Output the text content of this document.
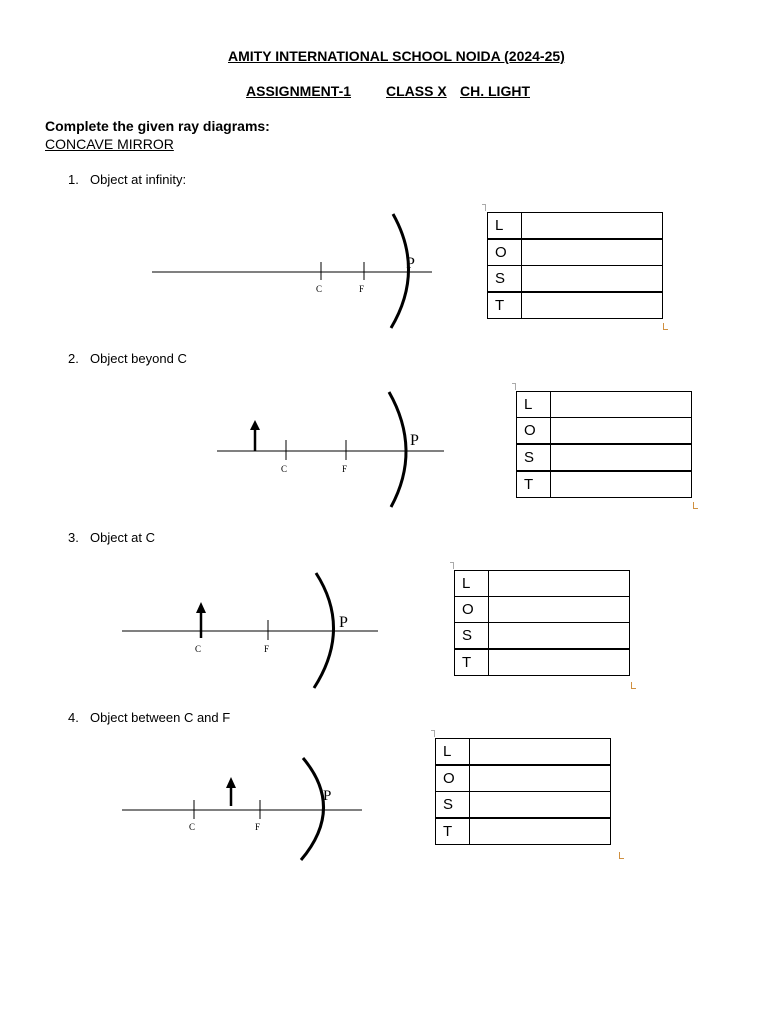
AMITY INTERNATIONAL SCHOOL NOIDA (2024-25)
ASSIGNMENT-1 CLASS X CH. LIGHT
Complete the given ray diagrams:
CONCAVE MIRROR
1. Object at infinity:
2. Object beyond C
3. Object at C
4. Object between C and F
C	F
P
C	F
P
C	F
P
C	F
P
L	
O	
S	
T	
L	
O	
S	
T	
L	
O	
S	
T	
L	
O	
S	
T	
